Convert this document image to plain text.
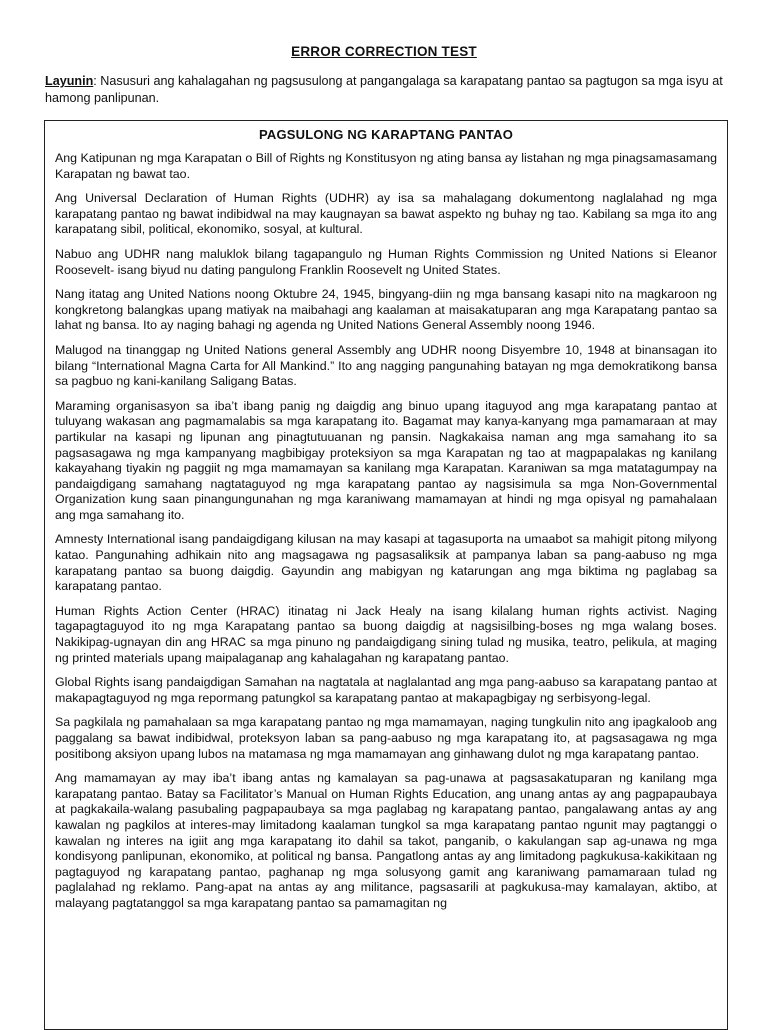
ERROR CORRECTION TEST
Layunin: Nasusuri ang kahalagahan ng pagsusulong at pangangalaga sa karapatang pantao sa pagtugon sa mga isyu at hamong panlipunan.
PAGSULONG NG KARAPTANG PANTAO

Ang Katipunan ng mga Karapatan o Bill of Rights ng Konstitusyon ng ating bansa ay listahan ng mga pinagsamasamang Karapatan ng bawat tao.

Ang Universal Declaration of Human Rights (UDHR) ay isa sa mahalagang dokumentong naglalahad ng mga karapatang pantao ng bawat indibidwal na may kaugnayan sa bawat aspekto ng buhay ng tao. Kabilang sa mga ito ang karapatang sibil, political, ekonomiko, sosyal, at kultural.

Nabuo ang UDHR nang maluklok bilang tagapangulo ng Human Rights Commission ng United Nations si Eleanor Roosevelt- isang biyud nu dating pangulong Franklin Roosevelt ng United States.

Nang itatag ang United Nations noong Oktubre 24, 1945, bingyang-diin ng mga bansang kasapi nito na magkaroon ng kongkretong balangkas upang matiyak na maibahagi ang kaalaman at maisakatuparan ang mga Karapatang pantao sa lahat ng bansa. Ito ay naging bahagi ng agenda ng United Nations General Assembly noong 1946.

Malugod na tinanggap ng United Nations general Assembly ang UDHR noong Disyembre 10, 1948 at binansagan ito bilang “International Magna Carta for All Mankind.” Ito ang nagging pangunahing batayan ng mga demokratikong bansa sa pagbuo ng kani-kanilang Saligang Batas.

Maraming organisasyon sa iba’t ibang panig ng daigdig ang binuo upang itaguyod ang mga karapatang pantao at tuluyang wakasan ang pagmamalabis sa mga karapatang ito. Bagamat may kanya-kanyang mga pamamaraan at may partikular na kasapi ng lipunan ang pinagtutuuanan ng pansin. Nagkakaisa naman ang mga samahang ito sa pagsasagawa ng mga kampanyang magbibigay proteksiyon sa mga Karapatan ng tao at magpapalakas ng kanilang kakayahang tiyakin ng paggiit ng mga mamamayan sa kanilang mga Karapatan. Karaniwan sa mga matatagumpay na pandaigdigang samahang nagtataguyod ng mga karapatang pantao ay nagsisimula sa mga Non-Governmental Organization kung saan pinangungunahan ng mga karaniwang mamamayan at hindi ng mga opisyal ng pamahalaan ang mga samahang ito.

Amnesty International isang pandaigdigang kilusan na may kasapi at tagasuporta na umaabot sa mahigit pitong milyong katao. Pangunahing adhikain nito ang magsagawa ng pagsasaliksik at pampanya laban sa pang-aabuso ng mga karapatang pantao sa buong daigdig. Gayundin ang mabigyan ng katarungan ang mga biktima ng paglabag sa karapatang pantao.

Human Rights Action Center (HRAC) itinatag ni Jack Healy na isang kilalang human rights activist. Naging tagapagtaguyod ito ng mga Karapatang pantao sa buong daigdig at nagsisilbing-boses ng mga walang boses. Nakikipag-ugnayan din ang HRAC sa mga pinuno ng pandaigdigang sining tulad ng musika, teatro, pelikula, at maging ng printed materials upang maipalaganap ang kahalagahan ng karapatang pantao.

Global Rights isang pandaigdigan Samahan na nagtatala at naglalantad ang mga pang-aabuso sa karapatang pantao at makapagtaguyod ng mga repormang patungkol sa karapatang pantao at makapagbigay ng serbisyong-legal.

Sa pagkilala ng pamahalaan sa mga karapatang pantao ng mga mamamayan, naging tungkulin nito ang ipagkaloob ang paggalang sa bawat indibidwal, proteksyon laban sa pang-aabuso ng mga karapatang ito, at pagsasagawa ng mga positibong aksiyon upang lubos na matamasa ng mga mamamayan ang ginhawang dulot ng mga karapatang pantao.

Ang mamamayan ay may iba’t ibang antas ng kamalayan sa pag-unawa at pagsasakatuparan ng kanilang mga karapatang pantao. Batay sa Facilitator’s Manual on Human Rights Education, ang unang antas ay ang pagpapaubaya at pagkakaila-walang pasubaling pagpapaubaya sa mga paglabag ng karapatang pantao, pangalawang antas ay ang kawalan ng pagkilos at interes-may limitadong kaalaman tungkol sa mga karapatang pantao ngunit may pagtanggi o kawalan ng interes na igiit ang mga karapatang ito dahil sa takot, panganib, o kakulangan sap ag-unawa ng mga kondisyong panlipunan, ekonomiko, at political ng bansa. Pangatlong antas ay ang limitadong pagkukusa-kakikitaan ng pagtaguyod ng karapatang pantao, paghanap ng mga solusyong gamit ang karaniwang pamamaraan tulad ng paglalahad ng reklamo. Pang-apat na antas ay ang militance, pagsasarili at pagkukusa-may kamalayan, aktibo, at malayang pagtatanggol sa mga karapatang pantao sa pamamagitan ng
